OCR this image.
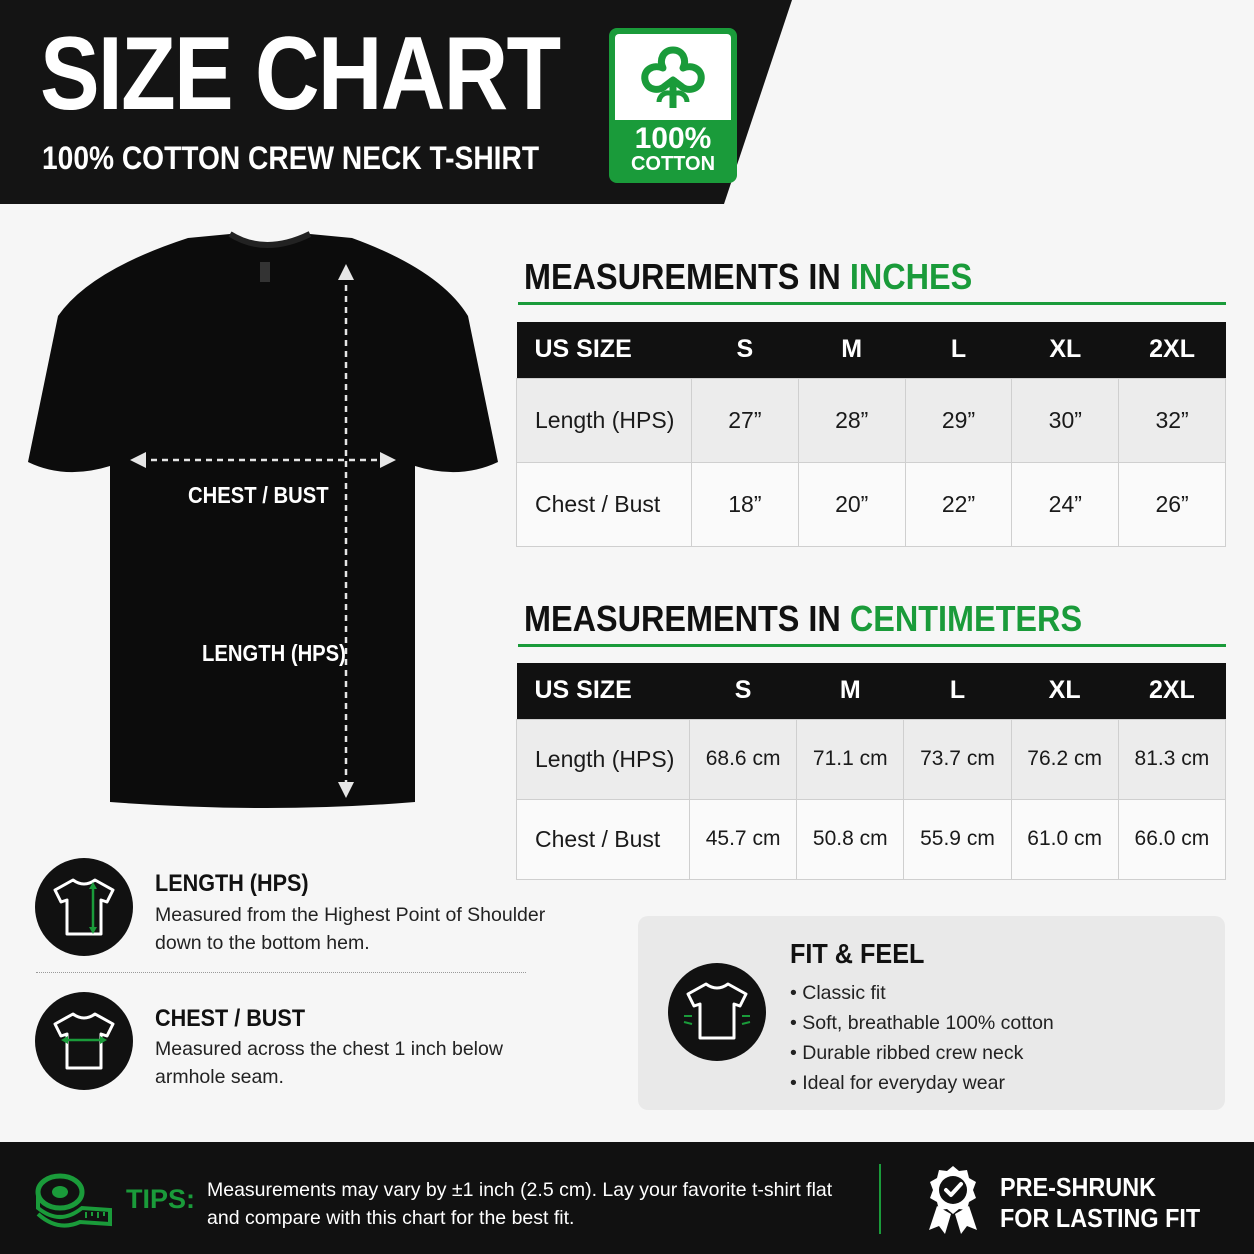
SIZE CHART
100% COTTON CREW NECK T-SHIRT
100%
COTTON
CHEST / BUST
LENGTH (HPS)
MEASUREMENTS IN INCHES
US SIZE	S	M	L	XL	2XL
Length (HPS)	27”	28”	29”	30”	32”
Chest / Bust	18”	20”	22”	24”	26”
MEASUREMENTS IN CENTIMETERS
US SIZE	S	M	L	XL	2XL
Length (HPS)	68.6 cm	71.1 cm	73.7 cm	76.2 cm	81.3 cm
Chest / Bust	45.7 cm	50.8 cm	55.9 cm	61.0 cm	66.0 cm
LENGTH (HPS)
Measured from the Highest Point of Shoulder
down to the bottom hem.
CHEST / BUST
Measured across the chest 1 inch below
armhole seam.
FIT & FEEL
• Classic fit
• Soft, breathable 100% cotton
• Durable ribbed crew neck
• Ideal for everyday wear
TIPS: Measurements may vary by ±1 inch (2.5 cm). Lay your favorite t-shirt flat
and compare with this chart for the best fit.
PRE-SHRUNK
FOR LASTING FIT
